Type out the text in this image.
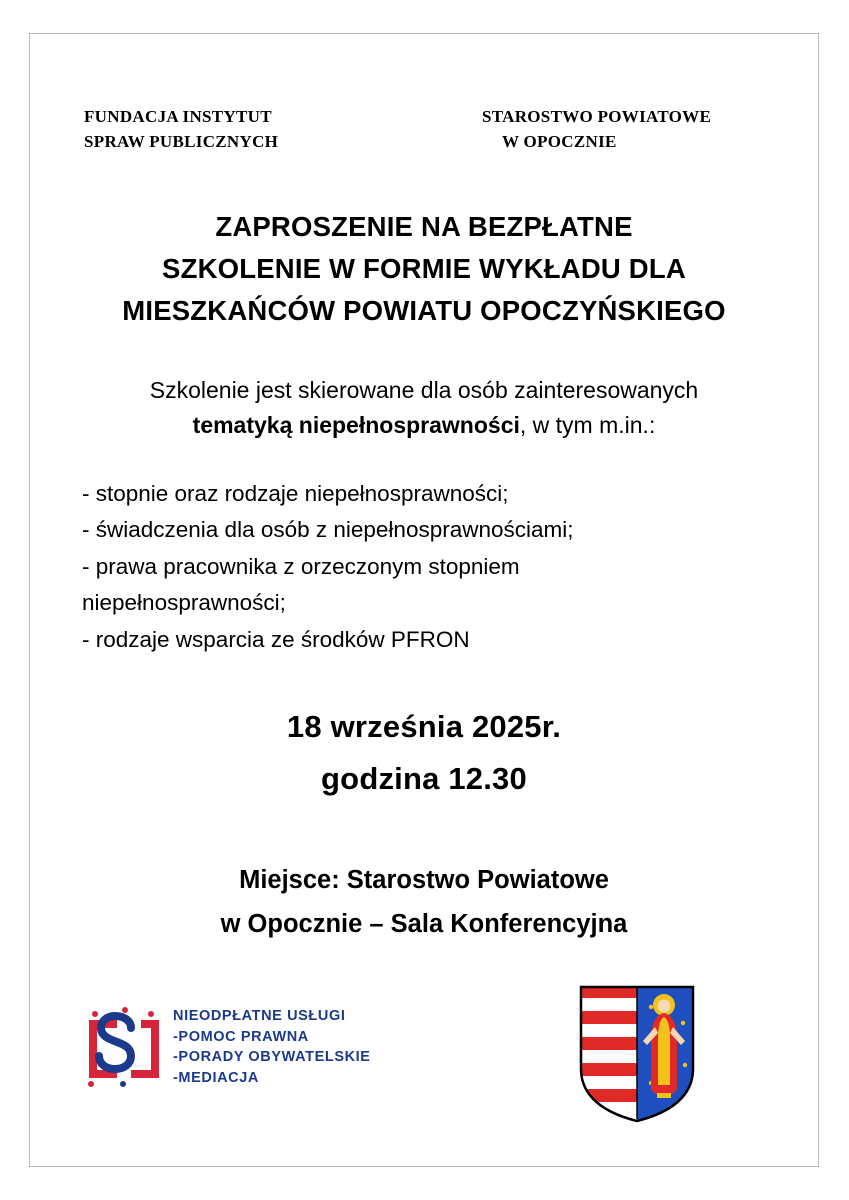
FUNDACJA INSTYTUT
SPRAW PUBLICZNYCH
STAROSTWO POWIATOWE
W OPOCZNIE
ZAPROSZENIE NA BEZPŁATNE
SZKOLENIE W FORMIE WYKŁADU DLA
MIESZKAŃCÓW POWIATU OPOCZYŃSKIEGO
Szkolenie jest skierowane dla osób zainteresowanych
tematyką niepełnosprawności, w tym m.in.:
- stopnie oraz rodzaje niepełnosprawności;
- świadczenia dla osób z niepełnosprawnościami;
- prawa pracownika z orzeczonym stopniem
niepełnosprawności;
- rodzaje wsparcia ze środków PFRON
18 września 2025r.
godzina 12.30
Miejsce: Starostwo Powiatowe
w Opocznie – Sala Konferencyjna
NIEODPŁATNE USŁUGI
-POMOC PRAWNA
-PORADY OBYWATELSKIE
-MEDIACJA
